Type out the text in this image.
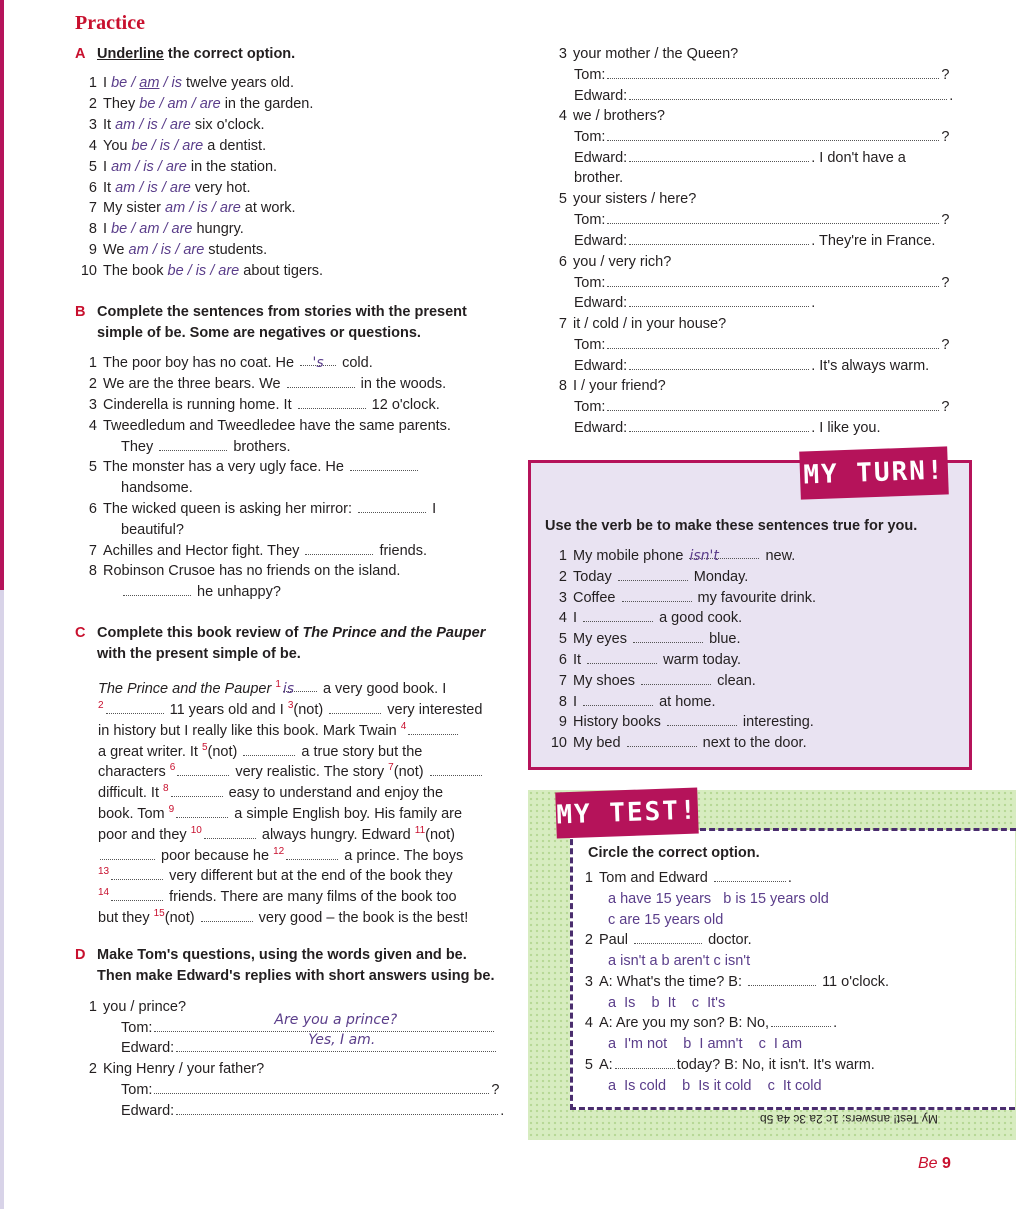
Practice
A Underline the correct option.
1 I be / am / is twelve years old.
2 They be / am / are in the garden.
3 It am / is / are six o'clock.
4 You be / is / are a dentist.
5 I am / is / are in the station.
6 It am / is / are very hot.
7 My sister am / is / are at work.
8 I be / am / are hungry.
9 We am / is / are students.
10 The book be / is / are about tigers.
B Complete the sentences from stories with the present
simple of be. Some are negatives or questions.
1 The poor boy has no coat. He 's cold.
2 We are the three bears. We	in the woods.
3 Cinderella is running home. It	12 o'clock.
4 Tweedledum and Tweedledee have the same parents.
They	brothers.
5 The monster has a very ugly face. He
handsome.
6 The wicked queen is asking her mirror:	I
beautiful?
7 Achilles and Hector fight. They	friends.
8 Robinson Crusoe has no friends on the island.
he unhappy?
C Complete this book review of The Prince and the Pauper
with the present simple of be.
The Prince and the Pauper $^1$ is a very good book. I
$^2$	11 years old and I $^3$(not)	very interested
in history but I really like this book. Mark Twain $^4$
a great writer. It $^5$(not)	a true story but the
characters $^6$	very realistic. The story $^7$(not)
difficult. It $^8$	easy to understand and enjoy the
book. Tom $^9$	a simple English boy. His family are
poor and they $^{10}$	always hungry. Edward $^{11}$(not)
poor because he $^{12}$	a prince. The boys
$^{13}$	very different but at the end of the book they
$^{14}$	friends. There are many films of the book too
but they $^{15}$(not)	very good – the book is the best!
D Make Tom's questions, using the words given and be.
Then make Edward's replies with short answers using be.
1 you / prince?
Tom:	Are you a prince?
Edward:	Yes, I am.
2 King Henry / your father?
Tom:	?
Edward:	.
3 your mother / the Queen?
Tom:	?
Edward:	.
4 we / brothers?
Tom:	?
Edward:	. I don't have a
brother.
5 your sisters / here?
Tom:	?
Edward:	. They're in France.
6 you / very rich?
Tom:	?
Edward:	.
7 it / cold / in your house?
Tom:	?
Edward:	. It's always warm.
8 I / your friend?
Tom:	?
Edward:	. I like you.
MY TURN!
Use the verb be to make these sentences true for you.
1 My mobile phone isn't	new.
2 Today	Monday.
3 Coffee	my favourite drink.
4 I	a good cook.
5 My eyes	blue.
6 It	warm today.
7 My shoes	clean.
8 I	at home.
9 History books	interesting.
10 My bed	next to the door.
MY TEST!
Circle the correct option.
1 Tom and Edward	.
a have 15 years b is 15 years old
c are 15 years old
2 Paul	doctor.
a isn't a b aren't c isn't
3 A: What's the time? B:	11 o'clock.
a  Is    b  It    c  It's
4 A: Are you my son? B: No,	.
a  I'm not    b  I amn't    c  I am
5 A:	today? B: No, it isn't. It's warm.
a  Is cold    b  Is it cold    c  It cold
My Test! answers: 1c 2a 3c 4a 5b
Be 9
